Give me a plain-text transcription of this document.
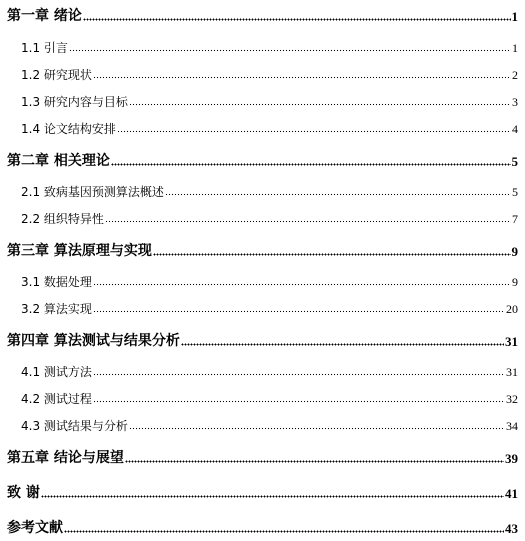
第一章 绪论	1
1.1 引言	1
1.2 研究现状	2
1.3 研究内容与目标	3
1.4 论文结构安排	4
第二章 相关理论	5
2.1 致病基因预测算法概述	5
2.2 组织特异性	7
第三章 算法原理与实现	9
3.1 数据处理	9
3.2 算法实现	20
第四章 算法测试与结果分析	31
4.1 测试方法	31
4.2 测试过程	32
4.3 测试结果与分析	34
第五章 结论与展望	39
致 谢	41
参考文献	43
